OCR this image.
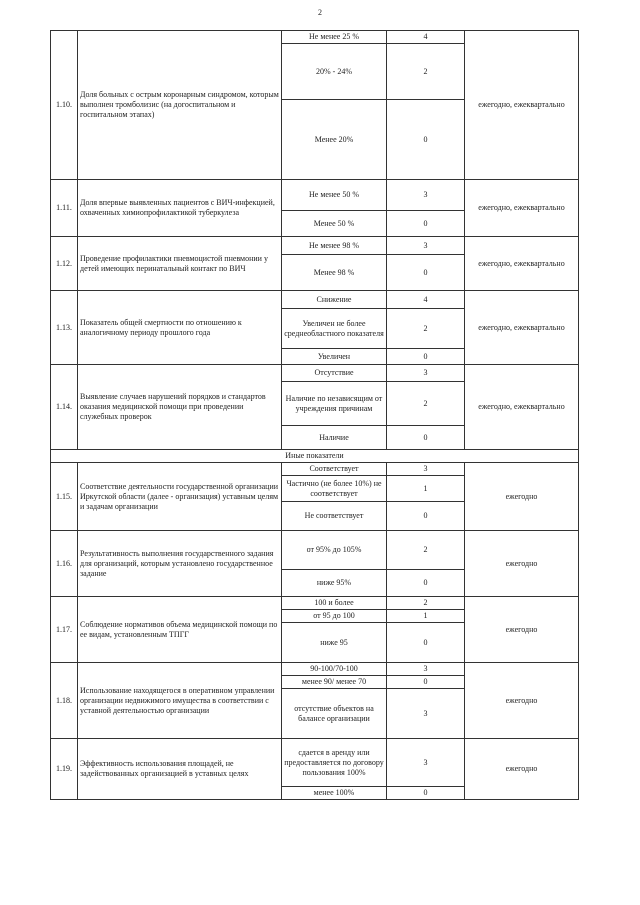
2
1.10.	Доля больных с острым коронарным синдромом, которым выполнен тромболизис (на догоспитальном и госпитальном этапах)	Не менее 25 %	4	ежегодно, ежеквартально
		20% - 24%	2	
		Менее 20%	0	
1.11.	Доля впервые выявленных пациентов с ВИЧ-инфекцией, охваченных химиопрофилактикой туберкулеза	Не менее 50 %	3	ежегодно, ежеквартально
		Менее 50 %	0	
1.12.	Проведение профилактики пневмоцистой пневмонии у детей имеющих перинатальный контакт по ВИЧ	Не менее 98 %	3	ежегодно, ежеквартально
		Менее 98 %	0	
1.13.	Показатель общей смертности по отношению к аналогичному периоду прошлого года	Снижение	4	ежегодно, ежеквартально
		Увеличен не более среднеобластного показателя	2	
		Увеличен	0	
1.14.	Выявление случаев нарушений порядков и стандартов оказания медицинской помощи при проведении служебных проверок	Отсутствие	3	ежегодно, ежеквартально
		Наличие по независящим от учреждения причинам	2	
		Наличие	0	
Иные показатели				
1.15.	Соответствие деятельности государственной организации Иркутской области (далее - организация) уставным целям и задачам организации	Соответствует	3	ежегодно
		Частично (не более 10%) не соответствует	1	
		Не соответствует	0	
1.16.	Результативность выполнения государственного задания для организаций, которым установлено государственное задание	от 95% до 105%	2	ежегодно
		ниже 95%	0	
1.17.	Соблюдение нормативов объема медицинской помощи по ее видам, установленным ТПГГ	100 и более	2	ежегодно
		от 95 до 100	1	
		ниже 95	0	
1.18.	Использование находящегося в оперативном управлении организации недвижимого имущества в соответствии с уставной деятельностью организации	90-100/70-100	3	ежегодно
		менее 90/ менее 70	0	
		отсутствие объектов на балансе организации	3	
1.19.	Эффективность использования площадей, не задействованных организацией в уставных целях	сдается в аренду или предоставляется по договору пользования 100%	3	ежегодно
		менее 100%	0	
